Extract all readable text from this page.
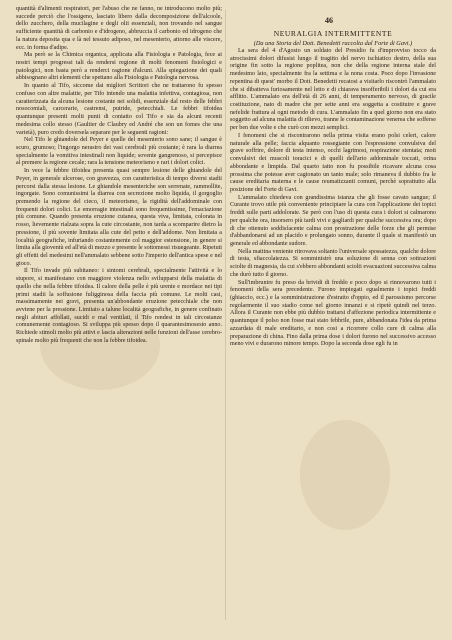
quantità d'alimenti respiratori, per l'abuso che ne fanno, ne introducono molto più; succede perciò che l'ossigeno, lasciato libero dalla decomposizione dell'alcoole, dello zucchero, della mucilagine e degli olii essenziali, non trovando nel sangue sufficiente quantità di carbonio e d'idrogeno, abbruccia il carbonio ed idrogeno che la natura deposita qua e là nel tessuto adiposo, nel mesenterio, attorno alle viscere, ecc. in forma d'adipe.

Ma però se la Chimica organica, applicata alla Fisiologia e Patologia, fece ai nostri tempi progressi tali da rendersi regione di molti fenomeni fisiologici e patologici, non basta però a renderci ragione d'alcuni. Alla spiegazione dei quali abbisognano altri elementi che spettano alla Fisiologia e Patologia nervosa.

In quanto al Tifo, siccome dai migliori Scrittori che ne trattarono fu spesso confuso con altre malattie, per Tifo intendo una malattia infettiva, contagiosa, non caratterizzata da alcuna lesione costante nei solidi, essenziale dal resto delle febbri nosocomiali, carcerarie, castrensi, putride, petecchiali. Le febbri tifoidea quantunque presenti molti punti di contatto col Tifo e sia da alcuni recenti medesima collo stesso (Gaultier de Claubry ed André che son un fomes che una varietà), puro credo doversela separare per le seguenti ragioni:

Nel Tifo le ghiandole del Peyer e quelle del mesenterio sono sane; il sangue è scuro, grumoso; l'ingorgo nerastro dei vasi cerebrali più costante; è rara la diarrea specialmente la vomitiva intestinali non liquide; sovente gangrenoso, si percepisce al premere la regione cecale; rara la tensione meteorismo e rari i dolori colici.

In vece la febbre tifoidea presenta quasi sempre lesione delle ghiandole del Peyer, in generale ulcerose, con gravezza, con caratteristica di tempo diversi stadii percorsi dalla stessa lesione. Le ghiandole mesenteriche son serrenate, rammollite, ingorgate. Sono comunissimi la diarrea con secrezione molto liquida, il gorgoglio premendo la regione del cieco, il meteorismo, la rigidità dell'addominale con frequenti dolori colici. Le emorragie intestinali sono frequentissime, l'emaciazione più comune. Quando presenta eruzione cutanea, questa viva, limitata, colorata in rosso, lievemente rialzata sopra la cute circostante, non tarda a scomparire dietro la pressione, il più sovente limitata alla cute del petto e dell'addome. Non limitata a località geografiche, infuriando costantemente col maggior estensione, in genere si limita alla gioventù ed all'età di mezzo e presente le sottomessi risuegeante. Ripetuti gli effetti del medesimi nell'ammalato sebbene sotto l'imperio dell'antica spese e nel gioco.

Il Tifo invade più subitaneo: i sintomi cerebrali, specialmente l'attività e lo stupore, si manifestano con maggiore violenza nello svilupparsi della malattia di quello che nella febbre tifoidea. Il calore della pelle è più urente e mordace nei tipi primi stadii la soffusione fuligginosa della faccia più comune. Le molti casi, massimamente nei gravi, presenta un'abbondante eruzione petecchiale che non avviene per la pressione. Limitato a talune località geografiche, in genere confinato negli abituri affollati, sucidi e mal ventilati, il Tifo rendesi in tali circostanze comunemente contagioso. Si sviluppa più spesso dopo il quarantesimosesto anno. Richiede stimoli molto più attivi e lascia alterazioni nelle funzioni dell'asse cerebro-spinale molto più frequenti che non la febbre tifoidea.

46
NEURALGIA INTERMITTENTE
(Da una Storia del Dott. Benedetti raccolta dal Forte di Gavi.)

La sera del 4 d'Agosto un soldato del Presidio fu d'improvviso tocco da atrocissimi dolori difusisi lungo il tragitto del nervo ischiatico destro, della sua origine fin sotto la regione poplitea, non che della regione interna stale del medesimo lato, specialmente fra la settima e la nona costa. Poco dopo l'invasione repentina di quest' morbo il Dott. Benedetti recatosi a visitarlo riscontrò l'ammalato che si dibatteva furiosamente nel letto e di chiarava insofferibili i dolori da cui era afflitto. L'ammalato era dell'età di 26 anni, di temperamento nervoso, di gracile costituzione, nato di madre che per sette anni era soggetta a costituire e grave nefelide frattura al ogni metodo di cura. L'ammalato fin a quel giorno non era stato soggetto ad alcuna malattia di rilievo, tranne le contaminazione venerea che sofferse per ben due volte e che curò con mezzi semplici.

I fenomeni che si riscontrarono nella prima visita erano polsi celeri, calore naturale alla pelle; faccia alquanto rossegiante con l'espressione convulsiva del grave soffrire, dolore di testa intenso, occhi lagrimosi, respirazione stentata; moti convulsivi dei muscoli toracici e di quelli dell'arto addominale toccati, orina abbondante e limpida. Dal quarto tatto non fu possibile ricavare alcuna cosa prossima che potesse aver cagionato un tanto male; solo rimaneva il dubbio fra le cause ereditaria materna e le cause reumatizzanti comuni, perchè soprattutto alla posizione del Forte di Gavi.

L'ammalato chiedeva con grandissima istanza che gli fosse cavato sangue; il Curante trovo utile più conveniente principiare la cura con l'applicazione dei topici freddi sulle parti addolorate. Se però con l'uso di questa cura i dolori si calmarono per qualche ora, insorsero più tardi vivi e gagliardi per qualche successiva ora; dopo di che ottenuto soddisfacente calma con prostrazione delle forze che gli permise d'abbandonarsi ad un placido e prolungato sonno, durante il quale si manifestò un generale ed abbondante sudore.

Nella mattina veniente ritrovava soltanto l'universale spossatezza, qualche dolore di testa, sfiaccolatezza. Si somministrò una soluzione di senna con sottrazioni sciolte di magnesia, da cui s'ebbero abbondanti sciolti evacuazioni successiva calma che durò tutto il giorno.

Sull'imbrunire fu preso da brividi di freddo e poco dopo si rinnovarono tutti i fenomeni della sera precedente. Furono impiegati egualmente i topici freddi (ghiaccio, ecc.) e la somministrazione d'estratto d'oppio, ed il parossismo percorse regolarmente il suo stadio come nel giorno innanzi e si ripetè quindi nel terzo. Allora il Curante non ebbe più dubbio trattarsi d'affezione periodica intermittente e quantunque il polso non fosse mai stato febbrile, pure, abbandonata l'idea da prima azzardata di male ereditario, e non cosi a ricorrere collo cure di calma alla preparazione di china. Fino dalla prima dose i dolori furono nel successivo accesso meno vivi e durarono minore tempo. Dopo la seconda dose egli fu in
